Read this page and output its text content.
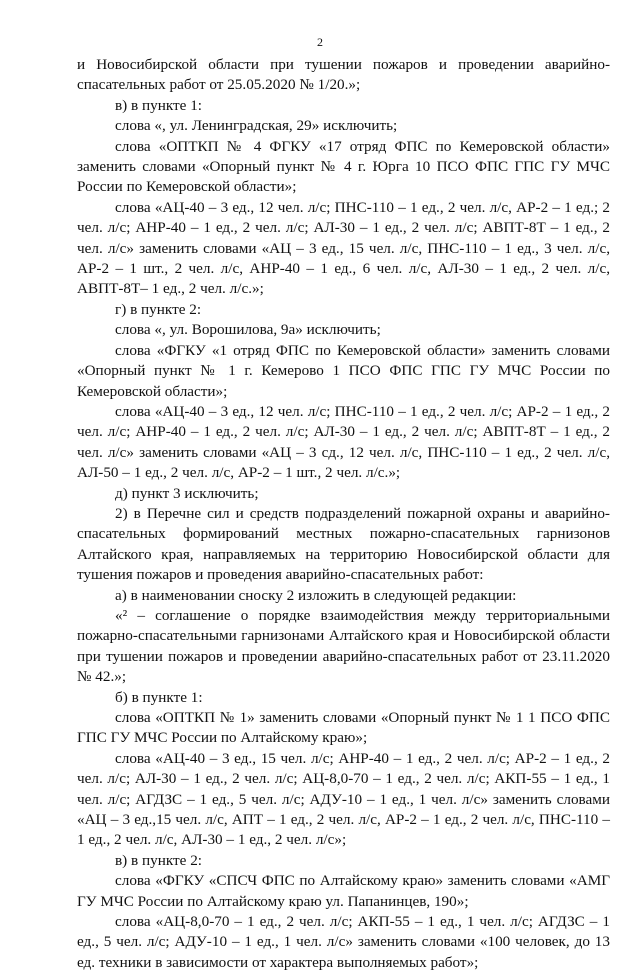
2

и Новосибирской области при тушении пожаров и проведении аварийно-спасательных работ от 25.05.2020 № 1/20.»;

в) в пункте 1:

слова «, ул. Ленинградская, 29» исключить;

слова «ОПТКП № 4 ФГКУ «17 отряд ФПС по Кемеровской области» заменить словами «Опорный пункт № 4 г. Юрга 10 ПСО ФПС ГПС ГУ МЧС России по Кемеровской области»;

слова «АЦ-40 – 3 ед., 12 чел. л/с; ПНС-110 – 1 ед., 2 чел. л/с, АР-2 – 1 ед.; 2 чел. л/с; АНР-40 – 1 ед., 2 чел. л/с; АЛ-30 – 1 ед., 2 чел. л/с; АВПТ-8Т – 1 ед., 2 чел. л/с» заменить словами «АЦ – 3 ед., 15 чел. л/с, ПНС-110 – 1 ед., 3 чел. л/с, АР-2 – 1 шт., 2 чел. л/с, АНР-40 – 1 ед., 6 чел. л/с, АЛ-30 – 1 ед., 2 чел. л/с, АВПТ-8Т– 1 ед., 2 чел. л/с.»;

г) в пункте 2:

слова «, ул. Ворошилова, 9а» исключить;

слова «ФГКУ «1 отряд ФПС по Кемеровской области» заменить словами «Опорный пункт № 1 г. Кемерово 1 ПСО ФПС ГПС ГУ МЧС России по Кемеровской области»;

слова «АЦ-40 – 3 ед., 12 чел. л/с; ПНС-110 – 1 ед., 2 чел. л/с; АР-2 – 1 ед., 2 чел. л/с; АНР-40 – 1 ед., 2 чел. л/с; АЛ-30 – 1 ед., 2 чел. л/с; АВПТ-8Т – 1 ед., 2 чел. л/с» заменить словами «АЦ – 3 сд., 12 чел. л/с, ПНС-110 – 1 ед., 2 чел. л/с, АЛ-50 – 1 ед., 2 чел. л/с, АР-2 – 1 шт., 2 чел. л/с.»;

д) пункт 3 исключить;

2) в Перечне сил и средств подразделений пожарной охраны и аварийно-спасательных формирований местных пожарно-спасательных гарнизонов Алтайского края, направляемых на территорию Новосибирской области для тушения пожаров и проведения аварийно-спасательных работ:

а) в наименовании сноску 2 изложить в следующей редакции:

«² – соглашение о порядке взаимодействия между территориальными пожарно-спасательными гарнизонами Алтайского края и Новосибирской области при тушении пожаров и проведении аварийно-спасательных работ от 23.11.2020 № 42.»;

б) в пункте 1:

слова «ОПТКП № 1» заменить словами «Опорный пункт № 1 1 ПСО ФПС ГПС ГУ МЧС России по Алтайскому краю»;

слова «АЦ-40 – 3 ед., 15 чел. л/с; АНР-40 – 1 ед., 2 чел. л/с; АР-2 – 1 ед., 2 чел. л/с; АЛ-30 – 1 ед., 2 чел. л/с; АЦ-8,0-70 – 1 ед., 2 чел. л/с; АКП-55 – 1 ед., 1 чел. л/с; АГДЗС – 1 ед., 5 чел. л/с; АДУ-10 – 1 ед., 1 чел. л/с» заменить словами «АЦ – 3 ед.,15 чел. л/с, АПТ – 1 ед., 2 чел. л/с, АР-2 – 1 ед., 2 чел. л/с, ПНС-110 – 1 ед., 2 чел. л/с, АЛ-30 – 1 ед., 2 чел. л/с»;

в) в пункте 2:

слова «ФГКУ «СПСЧ ФПС по Алтайскому краю» заменить словами «АМГ ГУ МЧС России по Алтайскому краю ул. Папанинцев, 190»;

слова «АЦ-8,0-70 – 1 ед., 2 чел. л/с; АКП-55 – 1 ед., 1 чел. л/с; АГДЗС – 1 ед., 5 чел. л/с; АДУ-10 – 1 ед., 1 чел. л/с» заменить словами «100 человек, до 13 ед. техники в зависимости от характера выполняемых работ»;
